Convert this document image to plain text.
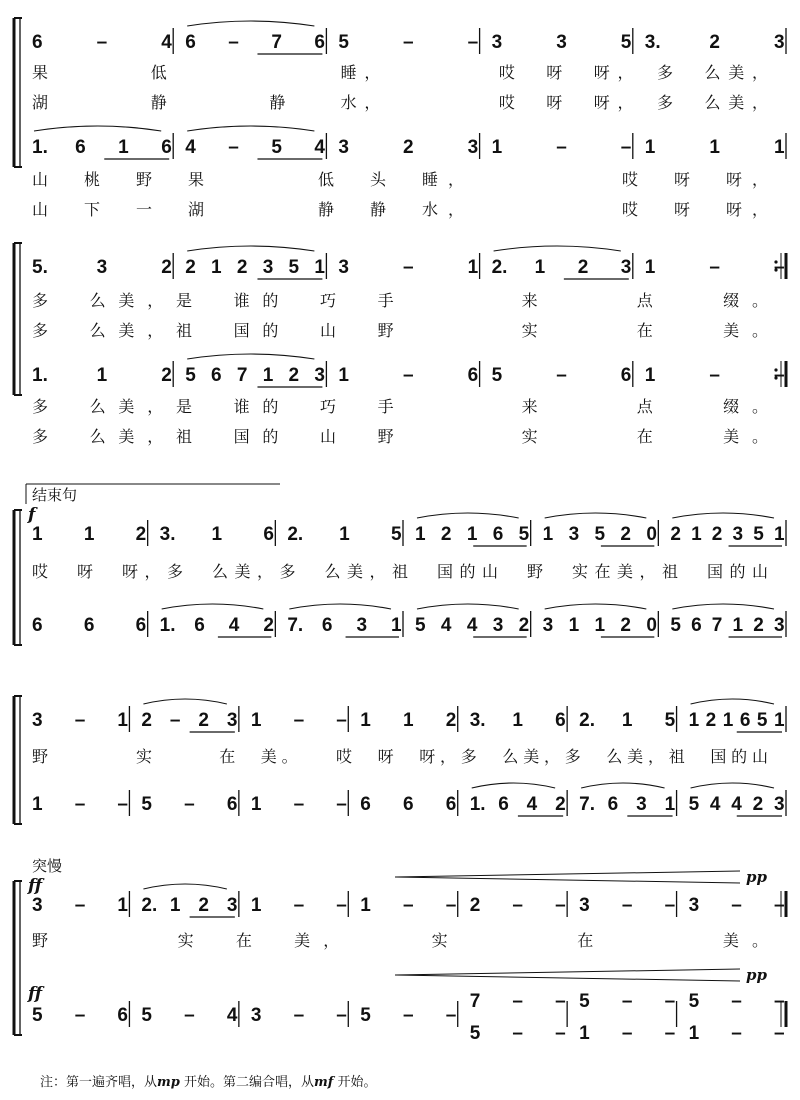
6	–	4 6 – 7 6 5	–	– 3	3	5 3.	2	3
果　　　　低　　　　　　　睡，　　　　　哎　呀　呀，　多　么美，
湖　　　　静　　　　静　　水，　　　　　哎　呀　呀，　多　么美，
1. 6 1 6 4 – 5 4 3	2	3 1	–	– 1	1	1
山　桃　野　果　　　　低　头　睡，　　　　　　哎　呀　呀，
山　下　一　湖　　　　静　静　水，　　　　　　哎　呀　呀，
5.	3	2 2 1 2 3 5 1 3	–	1 2. 1 2 3 1	–	–
多　么美，是　谁的　巧　手　　　　来　　　点　　缀。
多　么美，祖　国的　山　野　　　　实　　　在　　美。
1.	1	2 5 6 7 1 2 3 1	–	6 5	–	6 1	–	–
多　么美，是　谁的　巧　手　　　　来　　　点　　缀。
多　么美，祖　国的　山　野　　　　实　　　在　　美。
结束句
f
1 1 2 3. 1 6 2. 1 5 1 2 1 6 5 1 3 5 2 0 2 1 2 3 5 1
哎　呀　呀，多　么美，多　么美，祖　国的山　野　实在美，祖　国的山
6 6 6 1. 6 4 2 7. 6 3 1 5 4 4 3 2 3 1 1 2 0 5 6 7 1 2 3
3 – 1 2 – 2 3 1 – – 1 1 2 3. 1 6 2. 1 5 1 2 1 6 5 1
野　　　　实　　　在　美。　　哎　呀　呀，多　么美，多　么美，祖　国的山
1 – – 5 – 6 1 – – 6 6 6 1. 6 4 2 7. 6 3 1 5 4 4 2 3
突慢
ff
ff
pp
pp
3 – 1 2. 1 2 3 1 – – 1 – – 2 – – 3 – – 3 – –
野　　　　实　在　美，　　　实　　　　在　　　　美。
5 – 6 5 – 4 3 – – 5 – –
7 – –
5 – –
5 – –
1 – –
5 – –
1 – –
注：第一遍齐唱，从mp 开始。第二编合唱，从mf 开始。
